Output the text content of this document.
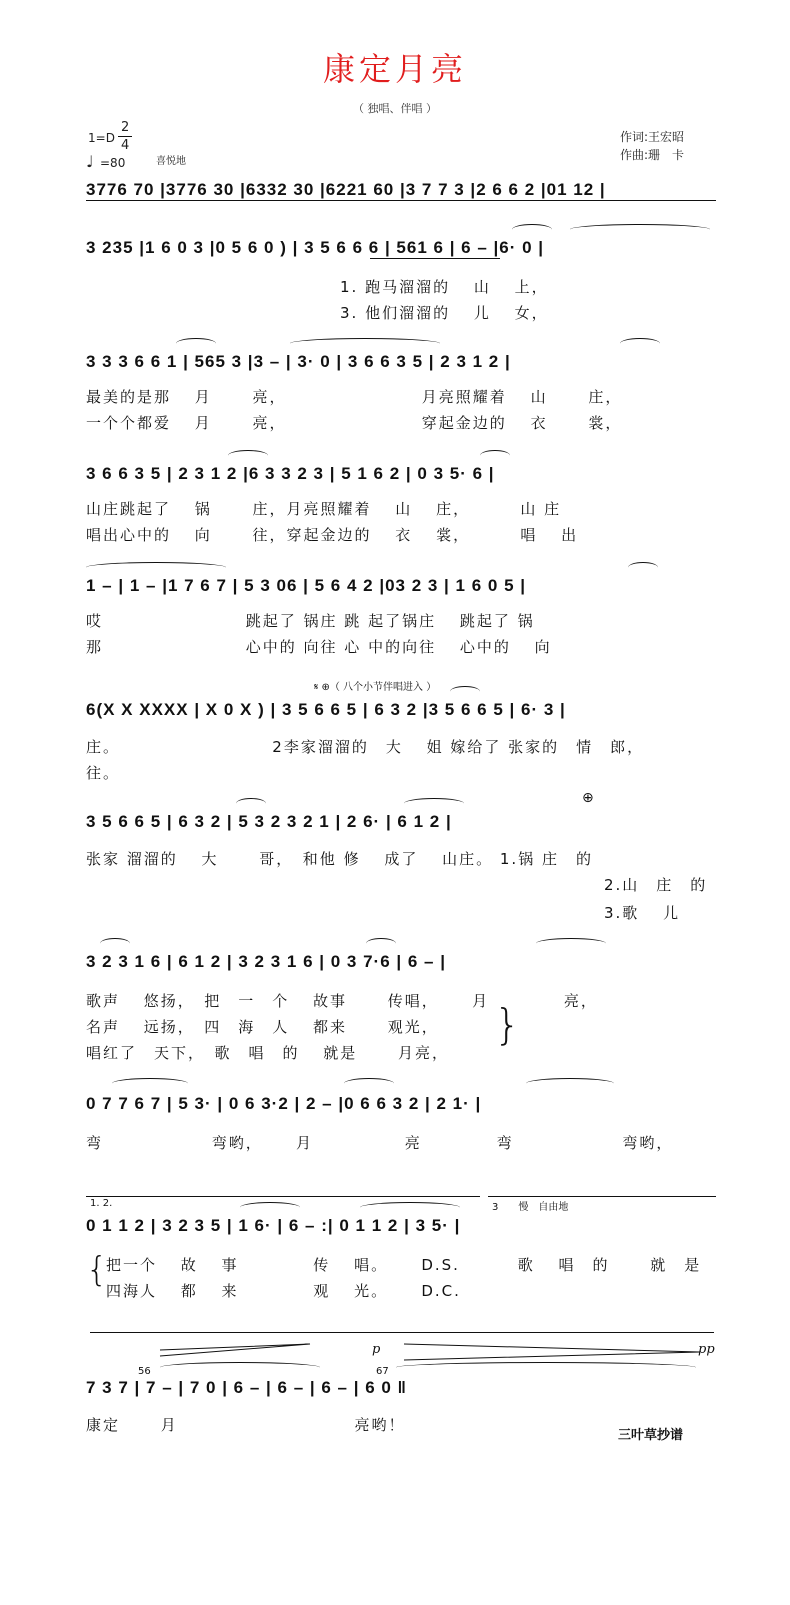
康定月亮
（ 独唱、伴唱 ）
1=D
2
4
♩ =80	喜悦地
作词:王宏昭
作曲:珊　卡
3776 70 |3776 30 |6332 30 |6221 60 |3 7 7 3 |2 6 6 2 |01 12 |
3 235 |1 6 0 3 |0 5 6 0 ) | 3 5 6 6 6 | 561 6 | 6 – |6· 0 |
1. 跑马溜溜的　 山　 上，
3. 他们溜溜的　 儿　 女，
3 3 3 6 6 1 | 565 3 |3 – | 3· 0 | 3 6 6 3 5 | 2 3 1 2 |
最美的是那　 月　　 亮，　　　　　　　　 月亮照耀着　 山　　 庄，
一个个都爱　 月　　 亮，　　　　　　　　 穿起金边的　 衣　　 裳，
3 6 6 3 5 | 2 3 1 2 |6 3 3 2 3 | 5 1 6 2 | 0 3 5· 6 |
山庄跳起了　 锅　　 庄，月亮照耀着　 山　 庄，　　　 山 庄
唱出心中的　 向　　 往，穿起金边的　 衣　 裳，　　　 唱　 出
1 – | 1 – |1 7 6 7 | 5 3 06 | 5 6 4 2 |03 2 3 | 1 6 0 5 |
哎　　　　　　　　 跳起了 锅庄 跳 起了锅庄　 跳起了 锅
那　　　　　　　　 心中的 向往 心 中的向往　 心中的　 向
𝄋 ⊕（ 八个小节伴唱进入 ）
6(X X XXXX | X 0 X ) | 3 5 6 6 5 | 6 3 2 |3 5 6 6 5 | 6· 3 |
庄。　　　　　　　　　 2李家溜溜的　大　 姐 嫁给了 张家的　情　郎，
往。
3 5 6 6 5 | 6 3 2 | 5 3 2 3 2 1 | 2 6· | 6 1 2 |
⊕
张家 溜溜的　 大　　 哥，　和他 修　 成了　 山庄。 1.锅 庄　的
2.山　庄　的
3.歌　 儿
3 2 3 1 6 | 6 1 2 | 3 2 3 1 6 | 0 3 7·6 | 6 – |
歌声　 悠扬，　把　一　个　 故事　　 传唱，　　 月　　　　 亮，
名声　 远扬，　四　海　人　 都来　　 观光，
唱红了　天下，　歌　唱　的　 就是　　 月亮，
}
0 7 7 6 7 | 5 3· | 0 6 3·2 | 2 – |0 6 6 3 2 | 2 1· |
弯　　　　　　 弯哟，　　 月　　　　　 亮　　　　 弯　　　　　　 弯哟，
1. 2.	3　　慢　自由地
0 1 1 2 | 3 2 3 5 | 1 6· | 6 – :| 0 1 1 2 | 3 5· |
{
把一个　 故　 事　　　　 传　 唱。　　 D.S.　　　 歌　 唱　的　　 就　是
四海人　 都　 来　　　　 观　 光。　　 D.C.
p	pp
56	67
7 3 7 | 7 – | 7 0 | 6 – | 6 – | 6 – | 6 0 ‖
康定　　 月　　　　　　　　　　 亮哟！
三叶草抄谱
